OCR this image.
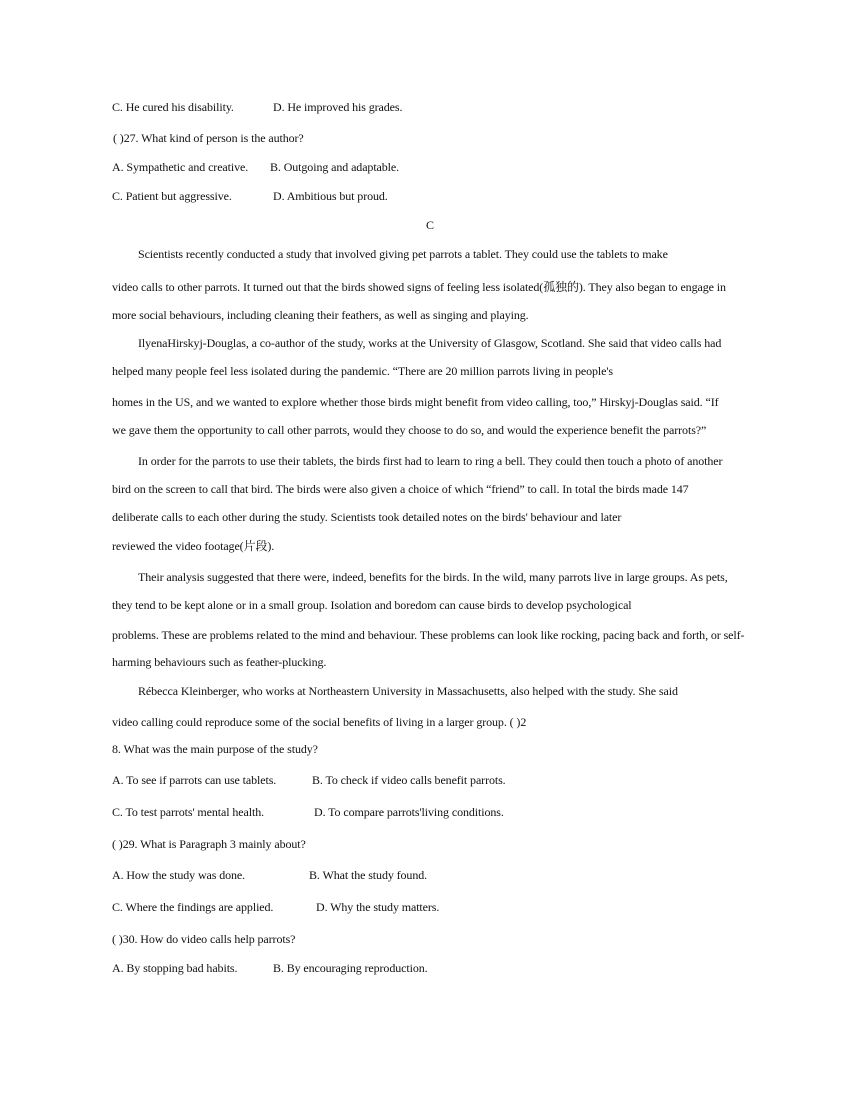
C. He cured his disability.	D. He improved his grades.
( )27. What kind of person is the author?
A. Sympathetic and creative. B. Outgoing and adaptable.
C. Patient but aggressive.	D. Ambitious but proud.
C
Scientists recently conducted a study that involved giving pet parrots a tablet. They could use the tablets to make
video calls to other parrots. It turned out that the birds showed signs of feeling less isolated(孤独的). They also began to engage in
more social behaviours, including cleaning their feathers, as well as singing and playing.
IlyenaHirskyj-Douglas, a co-author of the study, works at the University of Glasgow, Scotland. She said that video calls had
helped many people feel less isolated during the pandemic. “There are 20 million parrots living in people's
homes in the US, and we wanted to explore whether those birds might benefit from video calling, too,” Hirskyj-Douglas said. “If
we gave them the opportunity to call other parrots, would they choose to do so, and would the experience benefit the parrots?”
In order for the parrots to use their tablets, the birds first had to learn to ring a bell. They could then touch a photo of another
bird on the screen to call that bird. The birds were also given a choice of which “friend” to call. In total the birds made 147
deliberate calls to each other during the study. Scientists took detailed notes on the birds' behaviour and later
reviewed the video footage(片段).
Their analysis suggested that there were, indeed, benefits for the birds. In the wild, many parrots live in large groups. As pets,
they tend to be kept alone or in a small group. Isolation and boredom can cause birds to develop psychological
problems. These are problems related to the mind and behaviour. These problems can look like rocking, pacing back and forth, or self-
harming behaviours such as feather-plucking.
Rébecca Kleinberger, who works at Northeastern University in Massachusetts, also helped with the study. She said
video calling could reproduce some of the social benefits of living in a larger group. ( )2
8. What was the main purpose of the study?
A. To see if parrots can use tablets.	B. To check if video calls benefit parrots.
C. To test parrots' mental health.	D. To compare parrots'living conditions.
( )29. What is Paragraph 3 mainly about?
A. How the study was done.	B. What the study found.
C. Where the findings are applied.	D. Why the study matters.
( )30. How do video calls help parrots?
A. By stopping bad habits.	B. By encouraging reproduction.
